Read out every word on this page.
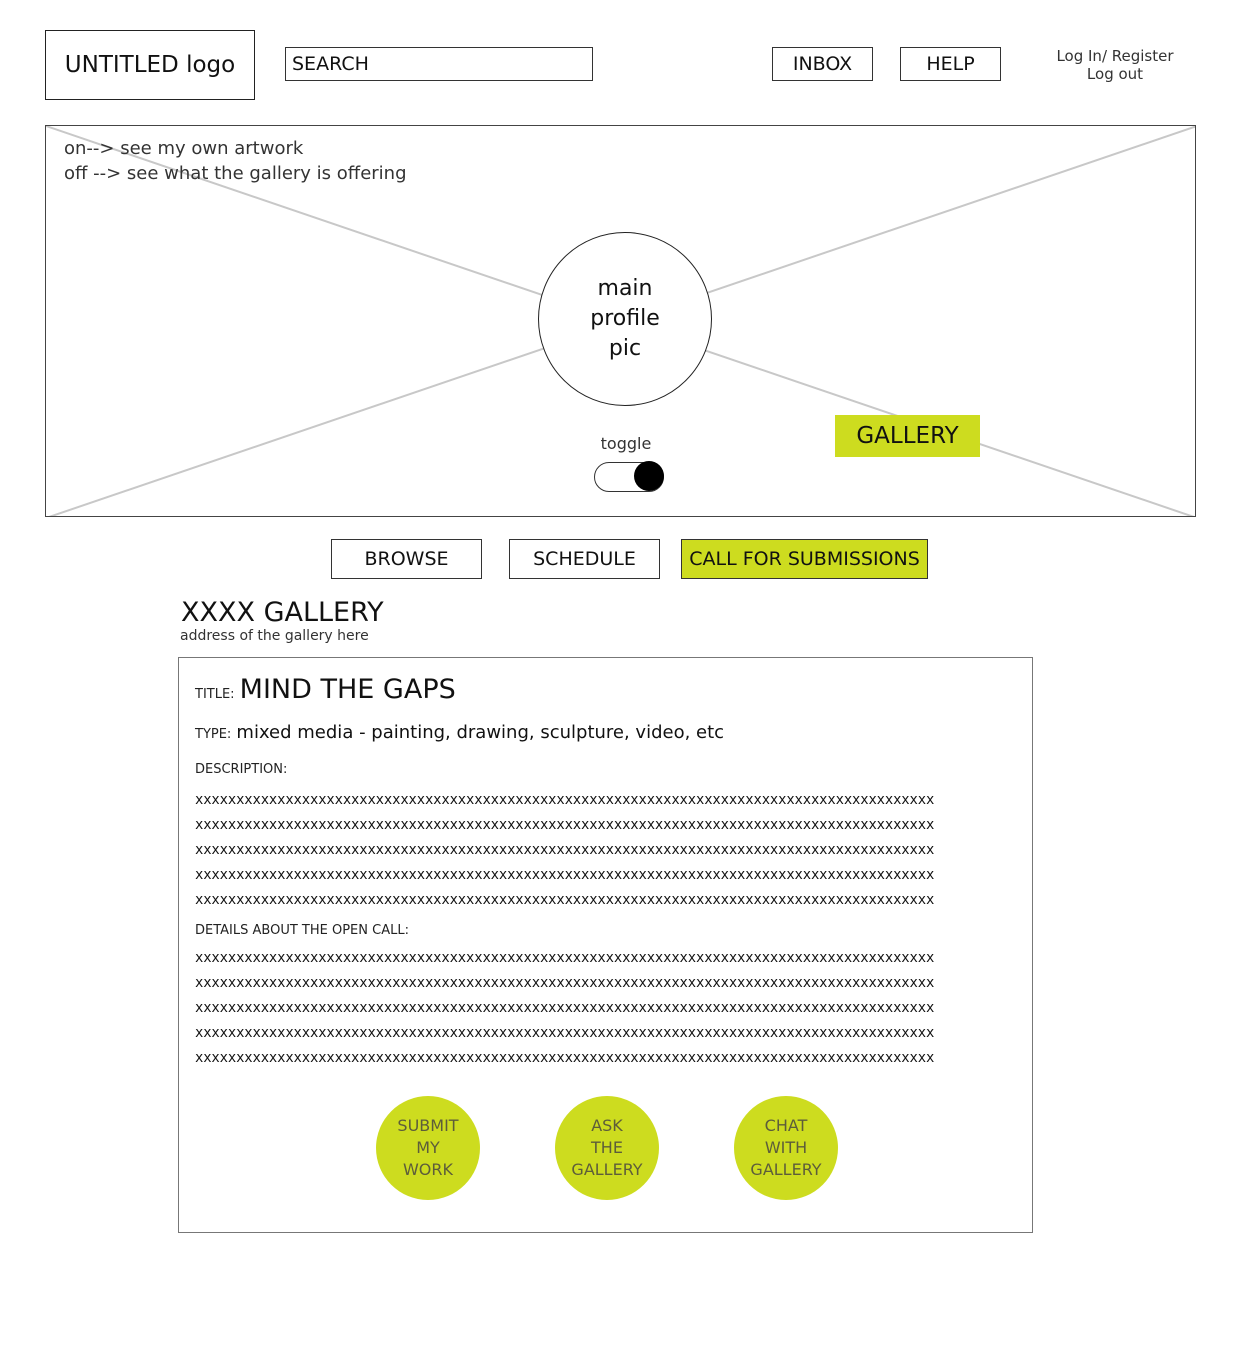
UNTITLED logo
SEARCH	INBOX	HELP	Log In/ Register
Log out
on--> see my own artwork
off --> see what the gallery is offering
main
profile
pic
toggle	GALLERY
BROWSE	SCHEDULE	CALL FOR SUBMISSIONS
XXXX GALLERY
address of the gallery here
TITLE: MIND THE GAPS
TYPE: mixed media - painting, drawing, sculpture, video, etc
DESCRIPTION:
xxxxxxxxxxxxxxxxxxxxxxxxxxxxxxxxxxxxxxxxxxxxxxxxxxxxxxxxxxxxxxxxxxxxxxxxxxxxxxxxxxxxxxxxxx
xxxxxxxxxxxxxxxxxxxxxxxxxxxxxxxxxxxxxxxxxxxxxxxxxxxxxxxxxxxxxxxxxxxxxxxxxxxxxxxxxxxxxxxxxx
xxxxxxxxxxxxxxxxxxxxxxxxxxxxxxxxxxxxxxxxxxxxxxxxxxxxxxxxxxxxxxxxxxxxxxxxxxxxxxxxxxxxxxxxxx
xxxxxxxxxxxxxxxxxxxxxxxxxxxxxxxxxxxxxxxxxxxxxxxxxxxxxxxxxxxxxxxxxxxxxxxxxxxxxxxxxxxxxxxxxx
xxxxxxxxxxxxxxxxxxxxxxxxxxxxxxxxxxxxxxxxxxxxxxxxxxxxxxxxxxxxxxxxxxxxxxxxxxxxxxxxxxxxxxxxxx
DETAILS ABOUT THE OPEN CALL:
xxxxxxxxxxxxxxxxxxxxxxxxxxxxxxxxxxxxxxxxxxxxxxxxxxxxxxxxxxxxxxxxxxxxxxxxxxxxxxxxxxxxxxxxxx
xxxxxxxxxxxxxxxxxxxxxxxxxxxxxxxxxxxxxxxxxxxxxxxxxxxxxxxxxxxxxxxxxxxxxxxxxxxxxxxxxxxxxxxxxx
xxxxxxxxxxxxxxxxxxxxxxxxxxxxxxxxxxxxxxxxxxxxxxxxxxxxxxxxxxxxxxxxxxxxxxxxxxxxxxxxxxxxxxxxxx
xxxxxxxxxxxxxxxxxxxxxxxxxxxxxxxxxxxxxxxxxxxxxxxxxxxxxxxxxxxxxxxxxxxxxxxxxxxxxxxxxxxxxxxxxx
xxxxxxxxxxxxxxxxxxxxxxxxxxxxxxxxxxxxxxxxxxxxxxxxxxxxxxxxxxxxxxxxxxxxxxxxxxxxxxxxxxxxxxxxxx
SUBMIT
MY
WORK
ASK
THE
GALLERY
CHAT
WITH
GALLERY
